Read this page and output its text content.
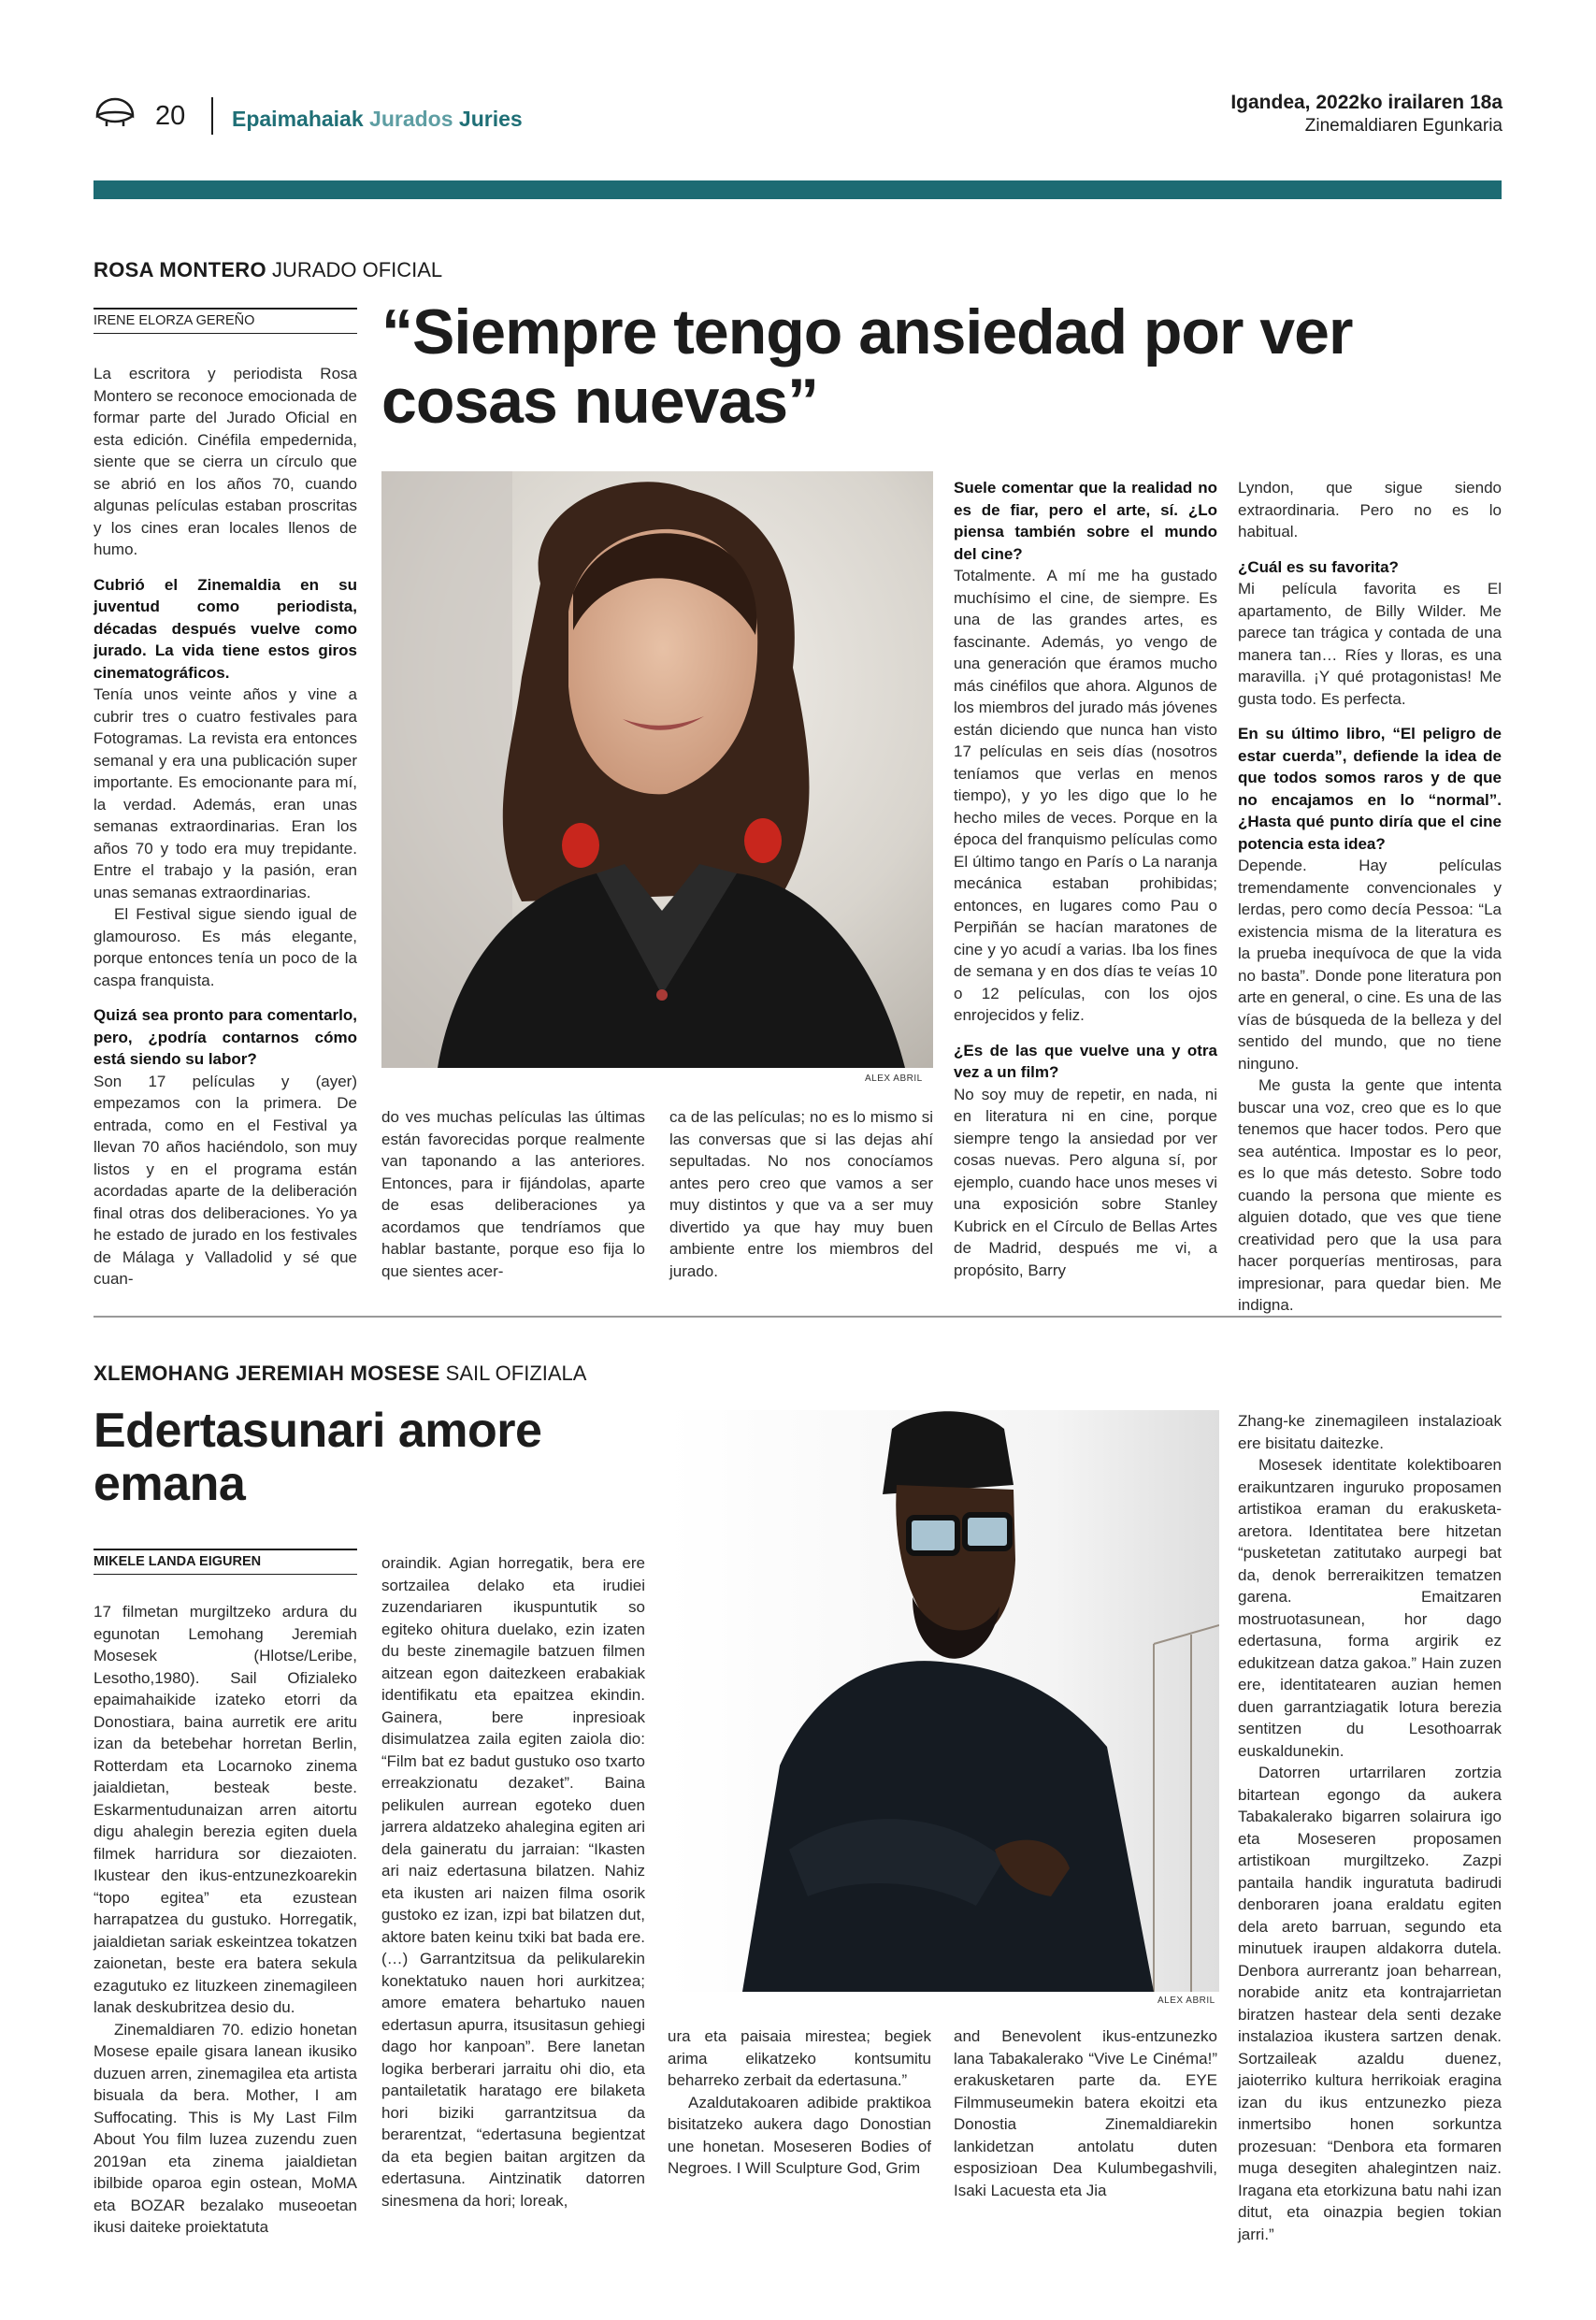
20 Epaimahaiak Jurados Juries
Igandea, 2022ko irailaren 18a
Zinemaldiaren Egunkaria
ROSA MONTERO JURADO OFICIAL
IRENE ELORZA GEREÑO	“Siempre tengo ansiedad por ver cosas nuevas”

La escritora y periodista Rosa Montero se reconoce emocionada de formar parte del Jurado Oficial en esta edición. Cinéfila empedernida, siente que se cierra un círculo que se abrió en los años 70, cuando algunas películas estaban proscritas y los cines eran locales llenos de humo.

Cubrió el Zinemaldia en su juventud como periodista, décadas después vuelve como jurado. La vida tiene estos giros cinematográficos.

Tenía unos veinte años y vine a cubrir tres o cuatro festivales para Fotogramas. La revista era entonces semanal y era una publicación super importante. Es emocionante para mí, la verdad. Además, eran unas semanas extraordinarias. Eran los años 70 y todo era muy trepidante. Entre el trabajo y la pasión, eran unas semanas extraordinarias.

El Festival sigue siendo igual de glamouroso. Es más elegante, porque entonces tenía un poco de la caspa franquista.

Quizá sea pronto para comentarlo, pero, ¿podría contarnos cómo está siendo su labor?

Son 17 películas y (ayer) empezamos con la primera. De entrada, como en el Festival ya llevan 70 años haciéndolo, son muy listos y en el programa están acordadas aparte de la deliberación final otras dos deliberaciones. Yo ya he estado de jurado en los festivales de Málaga y Valladolid y sé que cuan-

ALEX ABRIL

do ves muchas películas las últimas están favorecidas porque realmente van taponando a las anteriores. Entonces, para ir fijándolas, aparte de esas deliberaciones ya acordamos que tendríamos que hablar bastante, porque eso fija lo que sientes acer-

ca de las películas; no es lo mismo si las conversas que si las dejas ahí sepultadas. No nos conocíamos antes pero creo que vamos a ser muy distintos y que va a ser muy divertido ya que hay muy buen ambiente entre los miembros del jurado.

Suele comentar que la realidad no es de fiar, pero el arte, sí. ¿Lo piensa también sobre el mundo del cine?

Totalmente. A mí me ha gustado muchísimo el cine, de siempre. Es una de las grandes artes, es fascinante. Además, yo vengo de una generación que éramos mucho más cinéfilos que ahora. Algunos de los miembros del jurado más jóvenes están diciendo que nunca han visto 17 películas en seis días (nosotros teníamos que verlas en menos tiempo), y yo les digo que lo he hecho miles de veces. Porque en la época del franquismo películas como El último tango en París o La naranja mecánica estaban prohibidas; entonces, en lugares como Pau o Perpiñán se hacían maratones de cine y yo acudí a varias. Iba los fines de semana y en dos días te veías 10 o 12 películas, con los ojos enrojecidos y feliz.

¿Es de las que vuelve una y otra vez a un film?

No soy muy de repetir, en nada, ni en literatura ni en cine, porque siempre tengo la ansiedad por ver cosas nuevas. Pero alguna sí, por ejemplo, cuando hace unos meses vi una exposición sobre Stanley Kubrick en el Círculo de Bellas Artes de Madrid, después me vi, a propósito, Barry

Lyndon, que sigue siendo extraordinaria. Pero no es lo habitual.

¿Cuál es su favorita?

Mi película favorita es El apartamento, de Billy Wilder. Me parece tan trágica y contada de una manera tan… Ríes y lloras, es una maravilla. ¡Y qué protagonistas! Me gusta todo. Es perfecta.

En su último libro, “El peligro de estar cuerda”, defiende la idea de que todos somos raros y de que no encajamos en lo “normal”. ¿Hasta qué punto diría que el cine potencia esta idea?

Depende. Hay películas tremendamente convencionales y lerdas, pero como decía Pessoa: “La existencia misma de la literatura es la prueba inequívoca de que la vida no basta”. Donde pone literatura pon arte en general, o cine. Es una de las vías de búsqueda de la belleza y del sentido del mundo, que no tiene ninguno.

Me gusta la gente que intenta buscar una voz, creo que es lo que tenemos que hacer todos. Pero que sea auténtica. Impostar es lo peor, es lo que más detesto. Sobre todo cuando la persona que miente es alguien dotado, que ves que tiene creatividad pero que la usa para hacer porquerías mentirosas, para impresionar, para quedar bien. Me indigna.

XLEMOHANG JEREMIAH MOSESE SAIL OFIZIALA
Edertasunari amore emana
MIKELE LANDA EIGUREN

17 filmetan murgiltzeko ardura du egunotan Lemohang Jeremiah Mosesek (Hlotse/Leribe, Lesotho,1980). Sail Ofizialeko epaimahaikide izateko etorri da Donostiara, baina aurretik ere aritu izan da betebehar horretan Berlin, Rotterdam eta Locarnoko zinema jaialdietan, besteak beste. Eskarmentudunaizan arren aitortu digu ahalegin berezia egiten duela filmek harridura sor diezaioten. Ikustear den ikus-entzunezkoarekin “topo egitea” eta ezustean harrapatzea du gustuko. Horregatik, jaialdietan sariak eskeintzea tokatzen zaionetan, beste era batera sekula ezagutuko ez lituzkeen zinemagileen lanak deskubritzea desio du.

Zinemaldiaren 70. edizio honetan Mosese epaile gisara lanean ikusiko duzuen arren, zinemagilea eta artista bisuala da bera. Mother, I am Suffocating. This is My Last Film About You film luzea zuzendu zuen 2019an eta zinema jaialdietan ibilbide oparoa egin ostean, MoMA eta BOZAR bezalako museoetan ikusi daiteke proiektatuta

oraindik. Agian horregatik, bera ere sortzailea delako eta irudiei zuzendariaren ikuspuntutik so egiteko ohitura duelako, ezin izaten du beste zinemagile batzuen filmen aitzean egon daitezkeen erabakiak identifikatu eta epaitzea ekindin. Gainera, bere inpresioak disimulatzea zaila egiten zaiola dio: “Film bat ez badut gustuko oso txarto erreakzionatu dezaket”. Baina pelikulen aurrean egoteko duen jarrera aldatzeko ahalegina egiten ari dela gaineratu du jarraian: “Ikasten ari naiz edertasuna bilatzen. Nahiz eta ikusten ari naizen filma osorik gustoko ez izan, izpi bat bilatzen dut, aktore baten keinu txiki bat bada ere. (…) Garrantzitsua da pelikularekin konektatuko nauen hori aurkitzea; amore ematera behartuko nauen edertasun apurra, itsusitasun gehiegi dago hor kanpoan”. Bere lanetan logika berberari jarraitu ohi dio, eta pantailetatik haratago ere bilaketa hori biziki garrantzitsua da berarentzat, “edertasuna begientzat da eta begien baitan argitzen da edertasuna. Aintzinatik datorren sinesmena da hori; loreak,

ALEX ABRIL

ura eta paisaia miresteа; begiek arima elikatzeko kontsumitu beharreko zerbait da edertasuna.”

Azaldutakoaren adibide praktikoa bisitatzeko aukera dago Donostian une honetan. Moseseren Bodies of Negroes. I Will Sculpture God, Grim

and Benevolent ikus-entzunezko lana Tabakalerako “Vive Le Cinéma!” erakusketaren parte da. EYE Filmmuseumekin batera ekoitzi eta Donostia Zinemaldiarekin lankidetzan antolatu duten esposizioan Dea Kulumbegashvili, Isaki Lacuesta eta Jia

Zhang-ke zinemagileen instalazioak ere bisitatu daitezke.

Mosesek identitate kolektiboaren eraikuntzaren inguruko proposamen artistikoa eraman du erakusketa-aretora. Identitatea bere hitzetan “pusketetan zatitutako aurpegi bat da, denok berreraikitzen tematzen garena. Emaitzaren mostruotasunean, hor dago edertasuna, forma argirik ez edukitzean datza gakoa.” Hain zuzen ere, identitatearen auzian hemen duen garrantziagatik lotura berezia sentitzen du Lesothoarrak euskaldunekin.

Datorren urtarrilaren zortzia bitartean egongo da aukera Tabakalerako bigarren solairura igo eta Moseseren proposamen artistikoan murgiltzeko. Zazpi pantaila handik inguratuta badirudi denboraren joana eraldatu egiten dela areto barruan, segundo eta minutuek iraupen aldakorra dutela. Denbora aurrerantz joan beharrean, norabide anitz eta kontrajarrietan biratzen hastear dela senti dezake instalazioa ikustera sartzen denak. Sortzaileak azaldu duenez, jaioterriko kultura herrikoiak eragina izan du ikus entzunezko pieza inmertsibo honen sorkuntza prozesuan: “Denbora eta formaren muga desegiten ahalegintzen naiz. Iragana eta etorkizuna batu nahi izan ditut, eta oinazpia begien tokian jarri.”
